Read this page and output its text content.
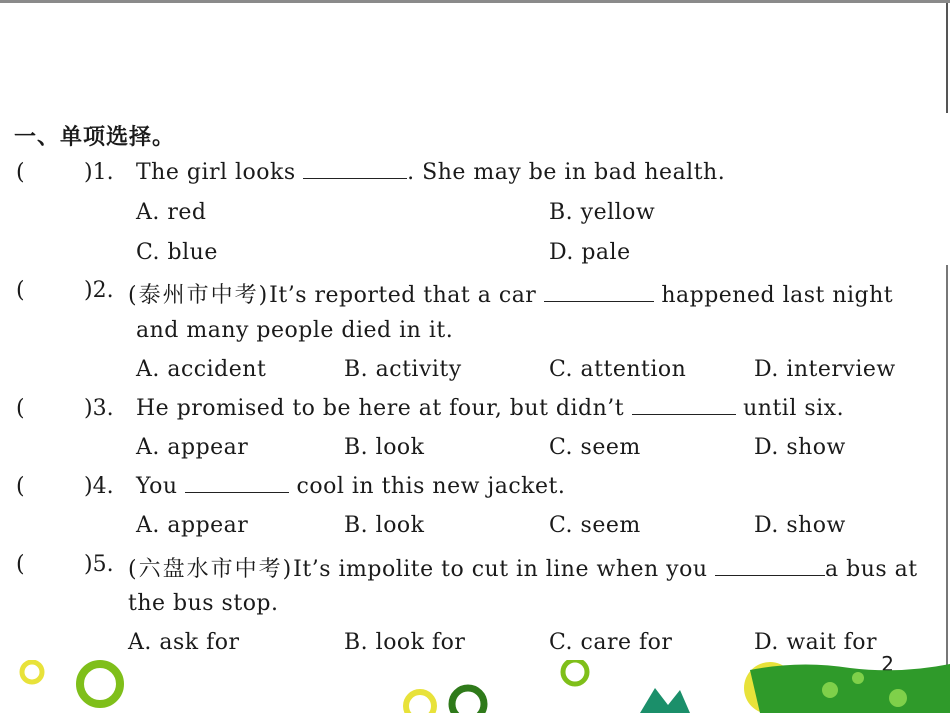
一、单项选择。
(	)1. The girl looks	. She may be in bad health.
A. red	B. yellow
C. blue	D. pale
(	)2. (泰州市中考)It’s reported that a car	happened last night
and many people died in it.
A. accident	B. activity	C. attention	D. interview
(	)3. He promised to be here at four, but didn’t	until six.
A. appear	B. look	C. seem	D. show
(	)4. You	cool in this new jacket.
A. appear	B. look	C. seem	D. show
(	)5. (六盘水市中考)It’s impolite to cut in line when you	a bus at
the bus stop.
A. ask for	B. look for	C. care for	D. wait for
2
